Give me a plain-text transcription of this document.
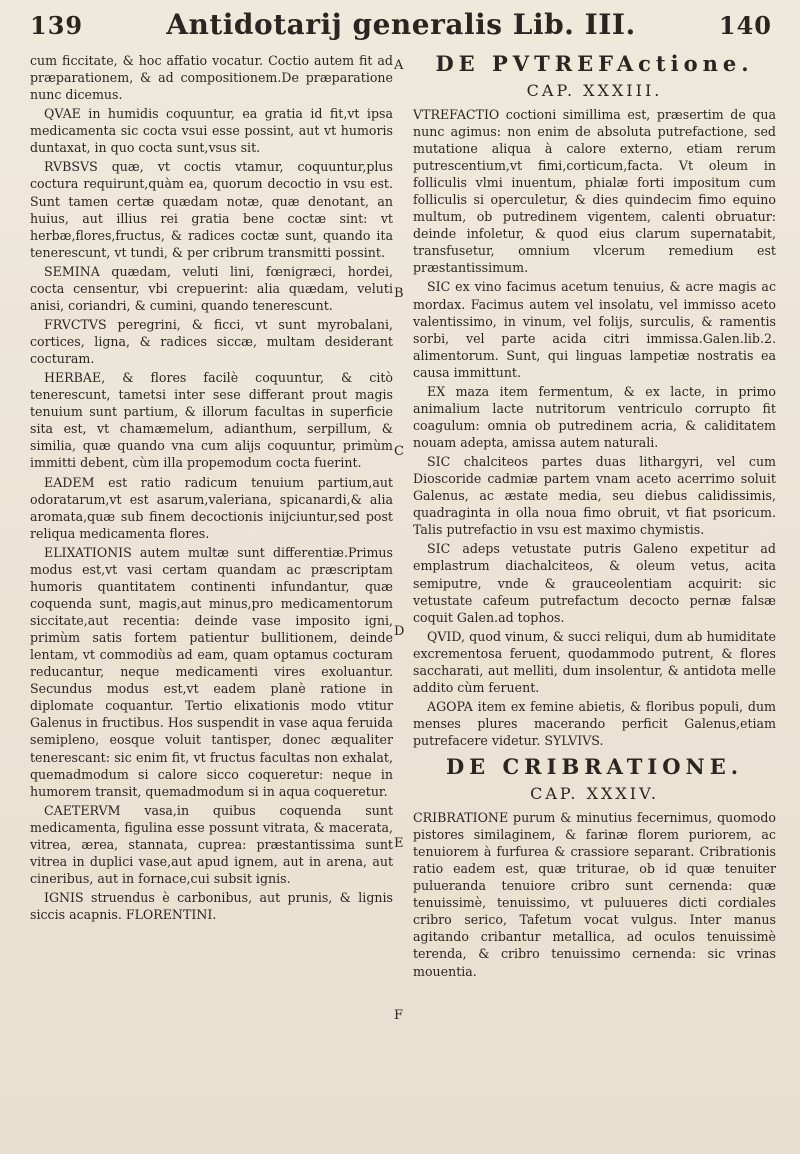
139	Antidotarij generalis Lib. III.	140
A
B
C
D
E
F

cum ficcitate, & hoc affatio vocatur. Coctio autem fit ad præparationem, & ad compositionem.De præparatione nunc dicemus.

QVAE in humidis coquuntur, ea gratia id fit,vt ipsa medicamenta sic cocta vsui esse possint, aut vt humoris duntaxat, in quo cocta sunt,vsus sit.

RVBSVS quæ, vt coctis vtamur, coquuntur,plus coctura requirunt,quàm ea, quorum decoctio in vsu est. Sunt tamen certæ quædam notæ, quæ denotant, an huius, aut illius rei gratia bene coctæ sint: vt herbæ,flores,fructus, & radices coctæ sunt, quando ita tenerescunt, vt tundi, & per cribrum transmitti possint.

SEMINA quædam, veluti lini, fœnigræci, hordei, cocta censentur, vbi crepuerint: alia quædam, veluti anisi, coriandri, & cumini, quando tenerescunt.

FRVCTVS peregrini, & ficci, vt sunt myrobalani, cortices, ligna, & radices siccæ, multam desiderant cocturam.

HERBAE, & flores facilè coquuntur, & citò tenerescunt, tametsi inter sese differant prout magis tenuium sunt partium, & illorum facultas in superficie sita est, vt chamæmelum, adianthum, serpillum, & similia, quæ quando vna cum alijs coquuntur, primùm immitti debent, cùm illa propemodum cocta fuerint.

EADEM est ratio radicum tenuium partium,aut odoratarum,vt est asarum,valeriana, spicanardi,& alia aromata,quæ sub finem decoctionis inijciuntur,sed post reliqua medicamenta flores.

ELIXATIONIS autem multæ sunt differentiæ.Primus modus est,vt vasi certam quandam ac præscriptam humoris quantitatem continenti infundantur, quæ coquenda sunt, magis,aut minus,pro medicamentorum siccitate,aut recentia: deinde vase imposito igni, primùm satis fortem patientur bullitionem, deinde lentam, vt commodiùs ad eam, quam optamus cocturam reducantur, neque medicamenti vires exoluantur. Secundus modus est,vt eadem planè ratione in diplomate coquantur. Tertio elixationis modo vtitur Galenus in fructibus. Hos suspendit in vase aqua feruida semipleno, eosque voluit tantisper, donec æqualiter tenerescant: sic enim fit, vt fructus facultas non exhalat, quemadmodum si calore sicco coqueretur: neque in humorem transit, quemadmodum si in aqua coqueretur.

CAETERVM vasa,in quibus coquenda sunt medicamenta, figulina esse possunt vitrata, & macerata, vitrea, ærea, stannata, cuprea: præstantissima sunt vitrea in duplici vase,aut apud ignem, aut in arena, aut cineribus, aut in fornace,cui subsit ignis.

IGNIS struendus è carbonibus, aut prunis, & lignis siccis acapnis. FLORENTINI.

DE PVTREFActione.
CAP. XXXIII.

VTREFACTIO coctioni simillima est, præsertim de qua nunc agimus: non enim de absoluta putrefactione, sed mutatione aliqua à calore externo, etiam rerum putrescentium,vt fimi,corticum,facta. Vt oleum in folliculis vlmi inuentum, phialæ forti impositum cum folliculis si operculetur, & dies quindecim fimo equino multum, ob putredinem vigentem, calenti obruatur: deinde infoletur, & quod eius clarum supernatabit, transfusetur, omnium vlcerum remedium est præstantissimum.

SIC ex vino facimus acetum tenuius, & acre magis ac mordax. Facimus autem vel insolatu, vel immisso aceto valentissimo, in vinum, vel folijs, surculis, & ramentis sorbi, vel parte acida citri immissa.Galen.lib.2. alimentorum. Sunt, qui linguas lampetiæ nostratis ea causa immittunt.

EX maza item fermentum, & ex lacte, in primo animalium lacte nutritorum ventriculo corrupto fit coagulum: omnia ob putredinem acria, & caliditatem nouam adepta, amissa autem naturali.

SIC chalciteos partes duas lithargyri, vel cum Dioscoride cadmiæ partem vnam aceto acerrimo soluit Galenus, ac æstate media, seu diebus calidissimis, quadraginta in olla noua fimo obruit, vt fiat psoricum. Talis putrefactio in vsu est maximo chymistis.

SIC adeps vetustate putris Galeno expetitur ad emplastrum diachalciteos, & oleum vetus, acita semiputre, vnde & grauceolentiam acquirit: sic vetustate cafeum putrefactum decocto pernæ falsæ coquit Galen.ad tophos.

QVID, quod vinum, & succi reliqui, dum ab humiditate excrementosa feruent, quodammodo putrent, & flores saccharati, aut melliti, dum insolentur, & antidota melle addito cùm feruent.

AGOPA item ex femine abietis, & floribus populi, dum menses plures macerando perficit Galenus,etiam putrefacere videtur. SYLVIVS.

DE CRIBRATIONE.
CAP. XXXIV.

CRIBRATIONE purum & minutius fecernimus, quomodo pistores similaginem, & farinæ florem puriorem, ac tenuiorem à furfurea & crassiore separant. Cribrationis ratio eadem est, quæ triturae, ob id quæ tenuiter puluerandа tenuiore cribro sunt cernenda: quæ tenuissimè, tenuissimo, vt puluueres dicti cordiales cribro serico, Tafetum vocat vulgus. Inter manus agitando cribantur metallica, ad oculos tenuissimè terenda, & cribro tenuissimo cernenda: sic vrinas mouentia.
